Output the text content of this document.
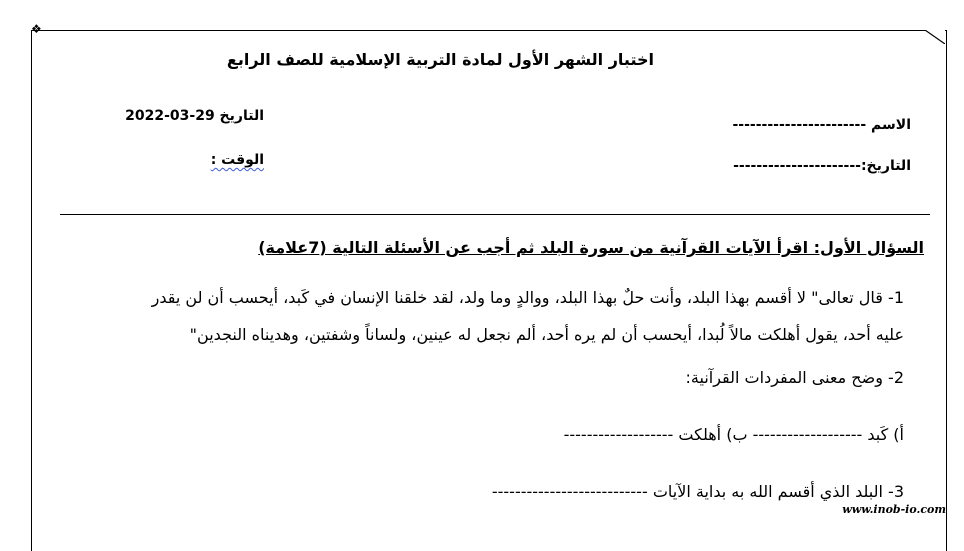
❖
اختبار الشهر الأول لمادة التربية الإسلامية للصف الرابع
الاسم -----------------------
التاريخ:----------------------
التاريخ 29-03-2022
الوقت :
السؤال الأول: اقرأ الآيات القرآنية من سورة البلد ثم أجب عن الأسئلة التالية (7علامة)
1- قال تعالى" لا أقسم بهذا البلد، وأنت حلٌ بهذا البلد، ووالدٍ وما ولد، لقد خلقنا الإنسان في كَبد، أيحسب أن لن يقدر
عليه أحد، يقول أهلكت مالاً لُبدا، أيحسب أن لم يره أحد، ألم نجعل له عينين، ولساناً وشفتين، وهديناه النجدين"
2- وضح معنى المفردات القرآنية:
أ) كَبد ------------------- ب) أهلكت -------------------
3- البلد الذي أقسم الله به بداية الآيات ---------------------------
www.inob-io.com
